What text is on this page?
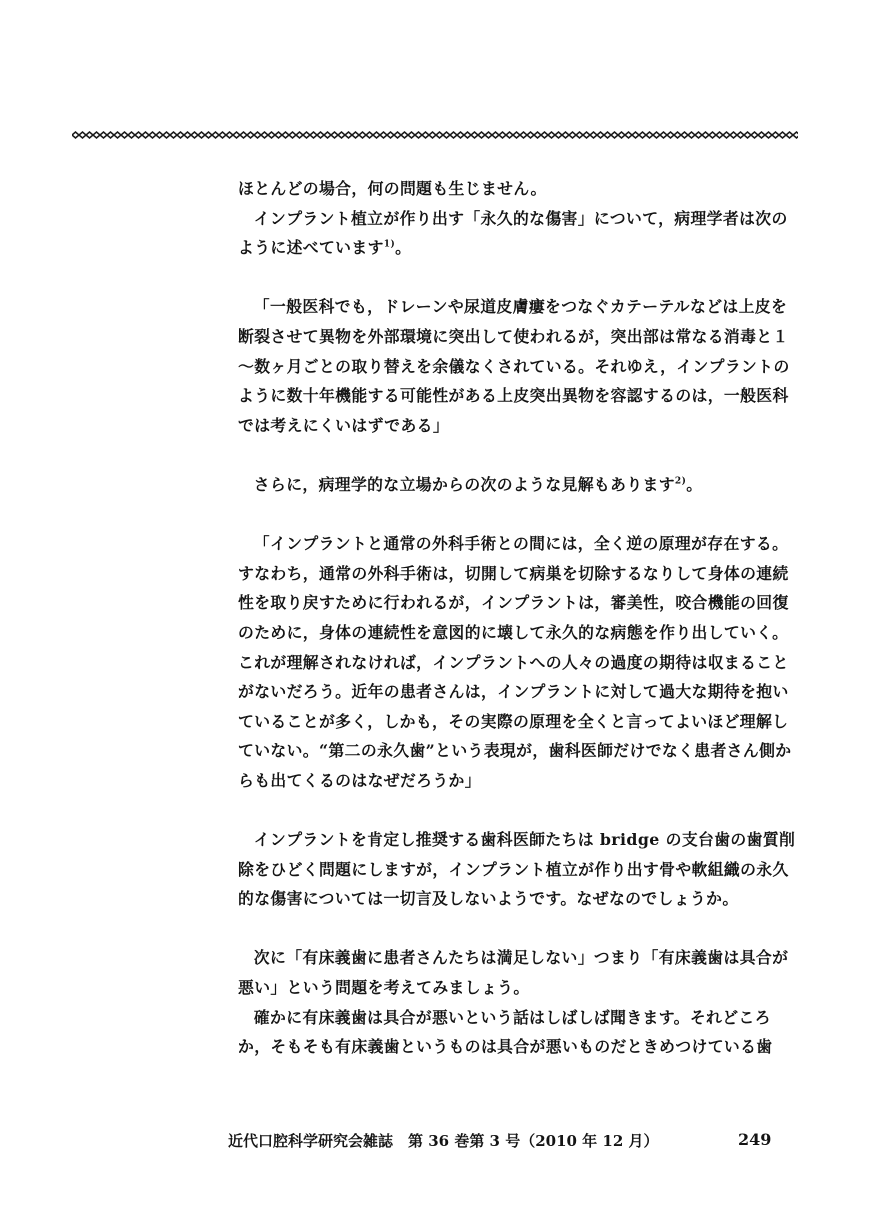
ほとんどの場合，何の問題も生じません。

インプラント植立が作り出す「永久的な傷害」について，病理学者は次のように述べています$^{1)}$。

「一般医科でも，ドレーンや尿道皮膚瘻をつなぐカテーテルなどは上皮を断裂させて異物を外部環境に突出して使われるが，突出部は常なる消毒と１～数ヶ月ごとの取り替えを余儀なくされている。それゆえ，インプラントのように数十年機能する可能性がある上皮突出異物を容認するのは，一般医科では考えにくいはずである」

さらに，病理学的な立場からの次のような見解もあります$^{2)}$。

「インプラントと通常の外科手術との間には，全く逆の原理が存在する。すなわち，通常の外科手術は，切開して病巣を切除するなりして身体の連続性を取り戻すために行われるが，インプラントは，審美性，咬合機能の回復のために，身体の連続性を意図的に壊して永久的な病態を作り出していく。これが理解されなければ，インプラントへの人々の過度の期待は収まることがないだろう。近年の患者さんは，インプラントに対して過大な期待を抱いていることが多く，しかも，その実際の原理を全くと言ってよいほど理解していない。“第二の永久歯”という表現が，歯科医師だけでなく患者さん側からも出てくるのはなぜだろうか」

インプラントを肯定し推奨する歯科医師たちは bridge の支台歯の歯質削除をひどく問題にしますが，インプラント植立が作り出す骨や軟組織の永久的な傷害については一切言及しないようです。なぜなのでしょうか。

次に「有床義歯に患者さんたちは満足しない」つまり「有床義歯は具合が悪い」という問題を考えてみましょう。

確かに有床義歯は具合が悪いという話はしばしば聞きます。それどころか，そもそも有床義歯というものは具合が悪いものだときめつけている歯

近代口腔科学研究会雑誌　第 36 巻第 3 号（2010 年 12 月）	249
